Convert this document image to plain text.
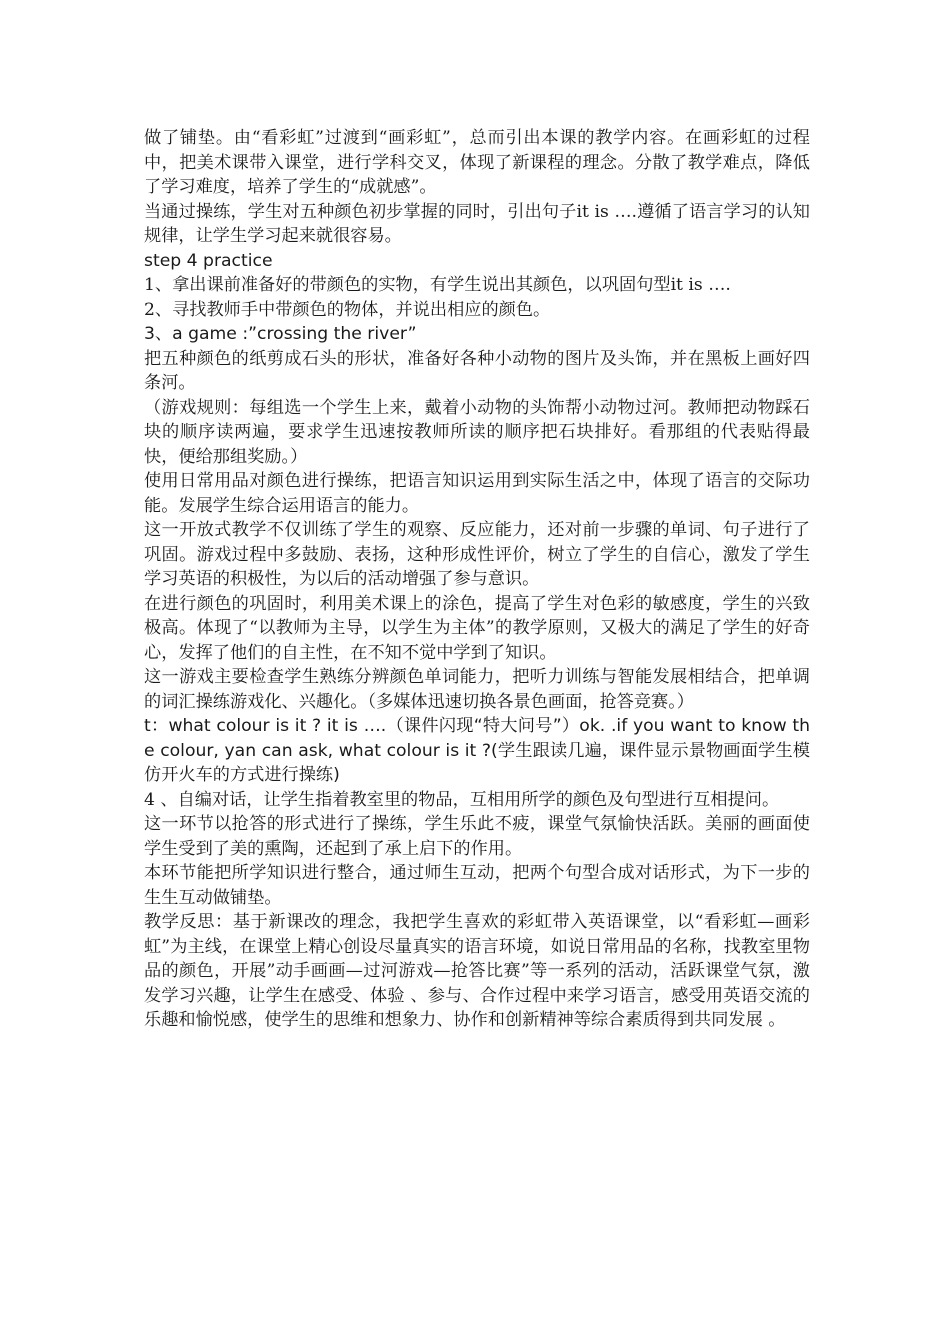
做了铺垫。由“看彩虹”过渡到“画彩虹”，总而引出本课的教学内容。在画彩虹的过程中，把美术课带入课堂，进行学科交叉，体现了新课程的理念。分散了教学难点，降低了学习难度，培养了学生的“成就感”。

当通过操练，学生对五种颜色初步掌握的同时，引出句子it is ….遵循了语言学习的认知规律，让学生学习起来就很容易。

step 4 practice

1、拿出课前准备好的带颜色的实物，有学生说出其颜色，以巩固句型it is ….

2、寻找教师手中带颜色的物体，并说出相应的颜色。

3、a game :”crossing the river”

把五种颜色的纸剪成石头的形状，准备好各种小动物的图片及头饰，并在黑板上画好四条河。

（游戏规则：每组选一个学生上来，戴着小动物的头饰帮小动物过河。教师把动物踩石块的顺序读两遍，要求学生迅速按教师所读的顺序把石块排好。看那组的代表贴得最快，便给那组奖励。）

使用日常用品对颜色进行操练，把语言知识运用到实际生活之中，体现了语言的交际功能。发展学生综合运用语言的能力。

这一开放式教学不仅训练了学生的观察、反应能力，还对前一步骤的单词、句子进行了巩固。游戏过程中多鼓励、表扬，这种形成性评价，树立了学生的自信心，激发了学生学习英语的积极性，为以后的活动增强了参与意识。

在进行颜色的巩固时，利用美术课上的涂色，提高了学生对色彩的敏感度，学生的兴致极高。体现了“以教师为主导，以学生为主体”的教学原则，又极大的满足了学生的好奇心，发挥了他们的自主性，在不知不觉中学到了知识。

这一游戏主要检查学生熟练分辨颜色单词能力，把听力训练与智能发展相结合，把单调的词汇操练游戏化、兴趣化。（多媒体迅速切换各景色画面，抢答竞赛。）

t：what colour is it ? it is ….（课件闪现“特大问号”）ok. .if you want to know the colour, yan can ask, what colour is it ?(学生跟读几遍，课件显示景物画面学生模仿开火车的方式进行操练)

4 、自编对话，让学生指着教室里的物品，互相用所学的颜色及句型进行互相提问。

这一环节以抢答的形式进行了操练，学生乐此不疲，课堂气氛愉快活跃。美丽的画面使学生受到了美的熏陶，还起到了承上启下的作用。

本环节能把所学知识进行整合，通过师生互动，把两个句型合成对话形式，为下一步的生生互动做铺垫。

教学反思：基于新课改的理念，我把学生喜欢的彩虹带入英语课堂，以“看彩虹—画彩虹”为主线，在课堂上精心创设尽量真实的语言环境，如说日常用品的名称，找教室里物品的颜色，开展”动手画画—过河游戏—抢答比赛”等一系列的活动，活跃课堂气氛，激发学习兴趣，让学生在感受、体验 、参与、合作过程中来学习语言，感受用英语交流的乐趣和愉悦感，使学生的思维和想象力、协作和创新精神等综合素质得到共同发展 。
